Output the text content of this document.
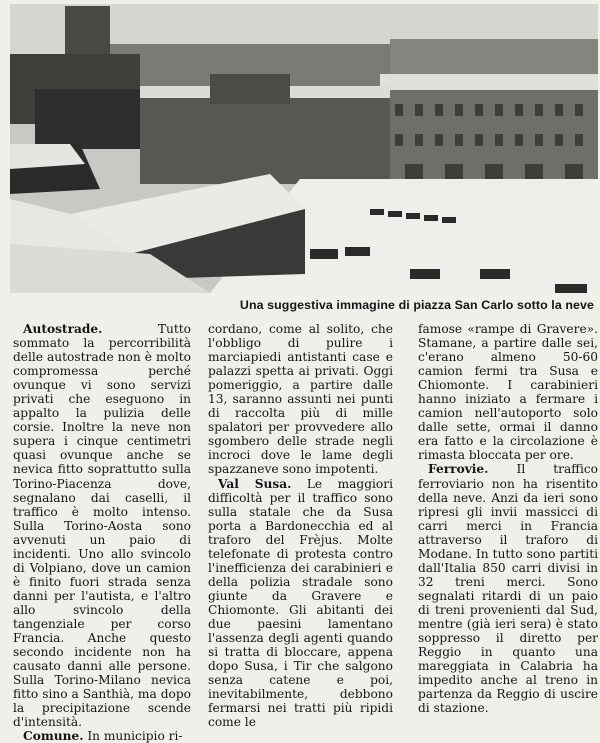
Una suggestiva immagine di piazza San Carlo sotto la neve

Autostrade.	Tutto sommato la percorribilità delle autostrade non è molto compromessa perché ovunque vi sono servizi privati che eseguono in appalto la pulizia delle corsie. Inoltre la neve non supera i cinque centimetri quasi ovunque anche se nevica fitto soprattutto sulla Torino-Piacenza dove, segnalano dai caselli, il traffico è molto intenso. Sulla Torino-Aosta sono avvenuti un paio di incidenti. Uno allo svincolo di Volpiano, dove un camion è finito fuori strada senza danni per l'autista, e l'altro allo svincolo della tangenziale per corso Francia. Anche questo secondo incidente non ha causato danni alle persone. Sulla Torino-Milano nevica fitto sino a Santhià, ma dopo la precipitazione scende d'intensità.

Comune. In municipio ri-

cordano, come al solito, che l'obbligo di pulire i marciapiedi antistanti case e palazzi spetta ai privati. Oggi pomeriggio, a partire dalle 13, saranno assunti nei punti di raccolta più di mille spalatori per provvedere allo sgombero delle strade negli incroci dove le lame degli spazzaneve sono impotenti.

Val Susa. Le maggiori difficoltà per il traffico sono sulla statale che da Susa porta a Bardonecchia ed al traforo del Frèjus. Molte telefonate di protesta contro l'inefficienza dei carabinieri e della polizia stradale sono giunte da Gravere e Chiomonte. Gli abitanti dei due paesini lamentano l'assenza degli agenti quando si tratta di bloccare, appena dopo Susa, i Tir che salgono senza catene e poi, inevitabilmente, debbono fermarsi nei tratti più ripidi come le

famose «rampe di Gravere». Stamane, a partire dalle sei, c'erano almeno 50-60 camion fermi tra Susa e Chiomonte. I carabinieri hanno iniziato a fermare i camion nell'autoporto solo dalle sette, ormai il danno era fatto e la circolazione è rimasta bloccata per ore.

Ferrovie. Il traffico ferroviario non ha risentito della neve. Anzi da ieri sono ripresi gli invii massicci di carri merci in Francia attraverso il traforo di Modane. In tutto sono partiti dall'Italia 850 carri divisi in 32 treni merci. Sono segnalati ritardi di un paio di treni provenienti dal Sud, mentre (già ieri sera) è stato soppresso il diretto per Reggio in quanto una mareggiata in Calabria ha impedito anche al treno in partenza da Reggio di uscire di stazione.
